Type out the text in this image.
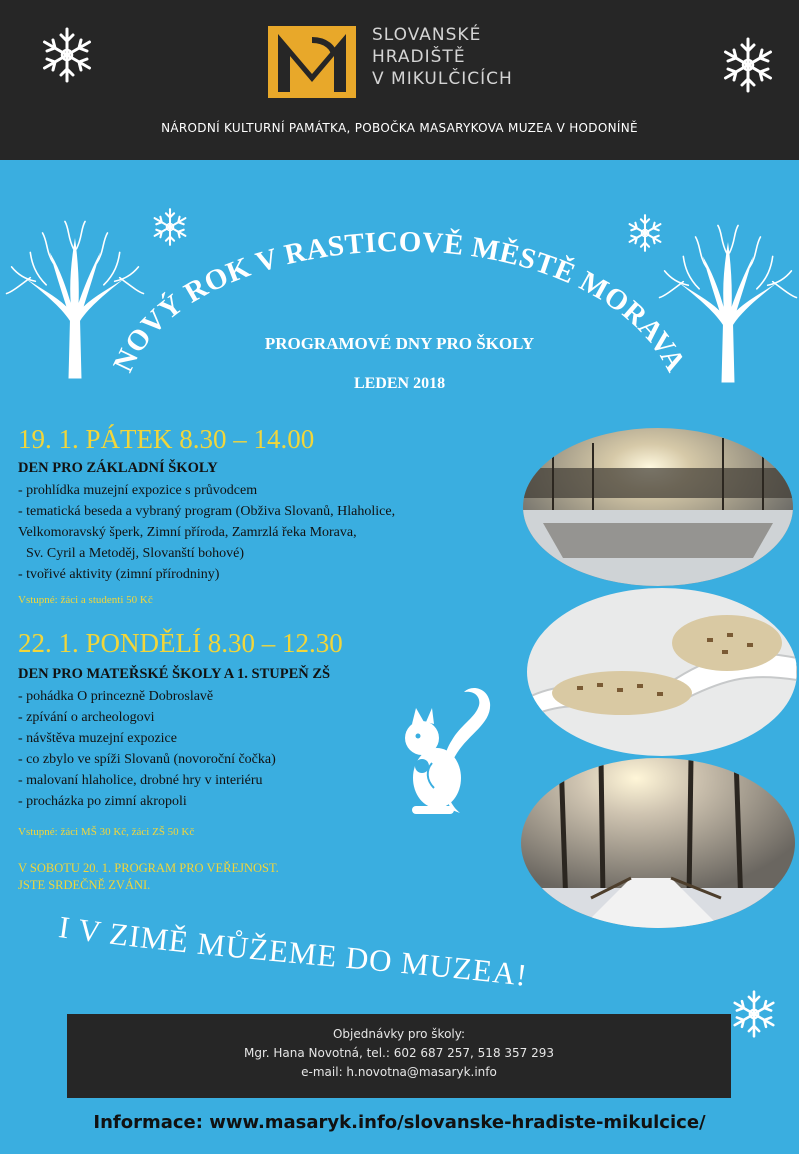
SLOVANSKÉ
HRADIŠTĚ
V MIKULČICÍCH
NÁRODNÍ KULTURNÍ PAMÁTKA, POBOČKA MASARYKOVA MUZEA V HODONÍNĚ
NOVÝ ROK V RASTICOVĚ MĚSTĚ MORAVA
PROGRAMOVÉ DNY PRO ŠKOLY
LEDEN 2018
19. 1. PÁTEK 8.30 – 14.00
DEN PRO ZÁKLADNÍ ŠKOLY
- prohlídka muzejní expozice s průvodcem
- tematická beseda a vybraný program (Obživa Slovanů, Hlaholice,
Velkomoravský šperk, Zimní příroda, Zamrzlá řeka Morava,
Sv. Cyril a Metoděj, Slovanští bohové)
- tvořivé aktivity (zimní přírodniny)
Vstupné: žáci a studenti 50 Kč
22. 1. PONDĚLÍ 8.30 – 12.30
DEN PRO MATEŘSKÉ ŠKOLY A 1. STUPEŇ ZŠ
- pohádka O princezně Dobroslavě
- zpívání o archeologovi
- návštěva muzejní expozice
- co zbylo ve spíži Slovanů (novoroční čočka)
- malovaní hlaholice, drobné hry v interiéru
- procházka po zimní akropoli
Vstupné: žáci MŠ 30 Kč, žáci ZŠ 50 Kč
V SOBOTU 20. 1. PROGRAM PRO VEŘEJNOST.
JSTE SRDEČNĚ ZVÁNI.
I V ZIMĚ MŮŽEME DO MUZEA!
Objednávky pro školy:
Mgr. Hana Novotná, tel.: 602 687 257, 518 357 293
e-mail: h.novotna@masaryk.info
Informace: www.masaryk.info/slovanske-hradiste-mikulcice/
